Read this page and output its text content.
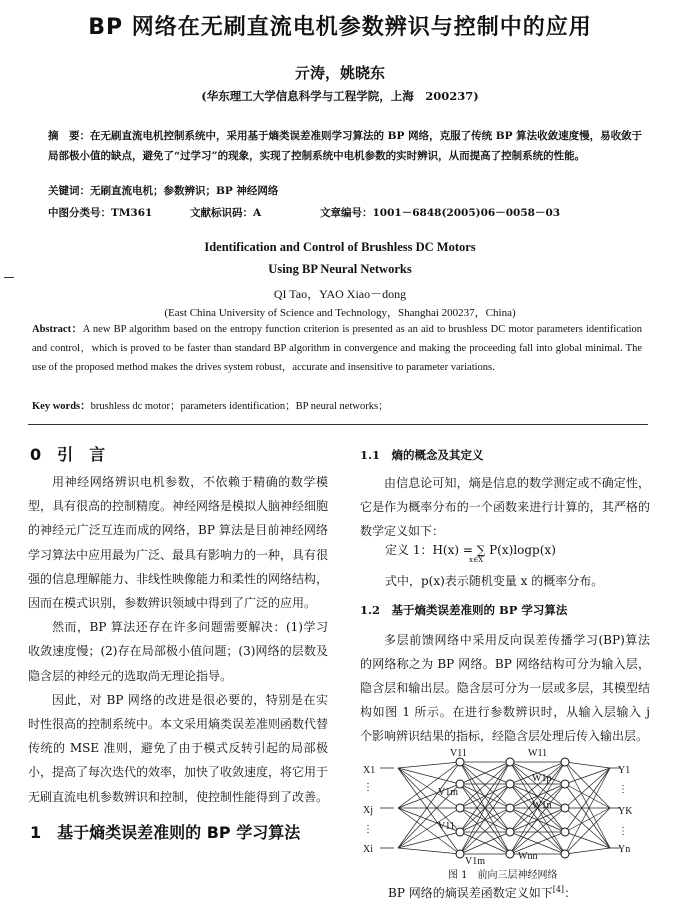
BP 网络在无刷直流电机参数辨识与控制中的应用
亓涛，姚晓东
(华东理工大学信息科学与工程学院，上海　200237)
摘　要：在无刷直流电机控制系统中，采用基于熵类误差准则学习算法的 BP 网络，克服了传统 BP 算法收敛速度慢，易收敛于局部极小值的缺点，避免了“过学习”的现象，实现了控制系统中电机参数的实时辨识，从而提高了控制系统的性能。
关键词：无刷直流电机；参数辨识；BP 神经网络
中图分类号：TM361	文献标识码：A	文章编号：1001－6848(2005)06－0058－03
Identification and Control of Brushless DC Motors
Using BP Neural Networks
QI Tao，YAO Xiao－dong
(East China University of Science and Technology，Shanghai 200237，China)
Abstract：A new BP algorithm based on the entropy function criterion is presented as an aid to brushless DC motor parameters identification and control，which is proved to be faster than standard BP algorithm in convergence and making the proceeding fall into global minimal. The use of the proposed method makes the drives system robust，accurate and insensitive to parameter variations.
Key words：brushless dc motor；parameters identification；BP neural networks；
0　引　言
用神经网络辨识电机参数，不依赖于精确的数学模型，具有很高的控制精度。神经网络是模拟人脑神经细胞的神经元广泛互连而成的网络，BP 算法是目前神经网络学习算法中应用最为广泛、最具有影响力的一种，具有很强的信息理解能力、非线性映像能力和柔性的网络结构，因而在模式识别，参数辨识领域中得到了广泛的应用。
然而，BP 算法还存在许多问题需要解决：(1)学习收敛速度慢；(2)存在局部极小值问题；(3)网络的层数及隐含层的神经元的选取尚无理论指导。
因此，对 BP 网络的改进是很必要的，特别是在实时性很高的控制系统中。本文采用熵类误差准则函数代替传统的 MSE 准则，避免了由于模式反转引起的局部极小，提高了每次迭代的效率，加快了收敛速度，将它用于无刷直流电机参数辨识和控制，使控制性能得到了改善。
1　基于熵类误差准则的 BP 学习算法
1.1　熵的概念及其定义
由信息论可知，熵是信息的数学测定或不确定性，它是作为概率分布的一个函数来进行计算的，其严格的数学定义如下：
定义 1：H(x) = ∑ P(x)logp(x)
x∈X
式中，p(x)表示随机变量 x 的概率分布。
1.2　基于熵类误差准则的 BP 学习算法
多层前馈网络中采用反向误差传播学习(BP)算法的网络称之为 BP 网络。BP 网络结构可分为输入层，隐含层和输出层。隐含层可分为一层或多层，其模型结构如图 1 所示。在进行参数辨识时，从输入层输入 j 个影响辨识结果的指标，经隐含层处理后传入输出层。
X1
Xj
Xi
⋮
⋮
V11
V1m
V11
V1m
W11
W1p
W1n
Wnn
Y1
YK
Yn
⋮
⋮
图 1　前向三层神经网络
BP 网络的熵误差函数定义如下[4]：
